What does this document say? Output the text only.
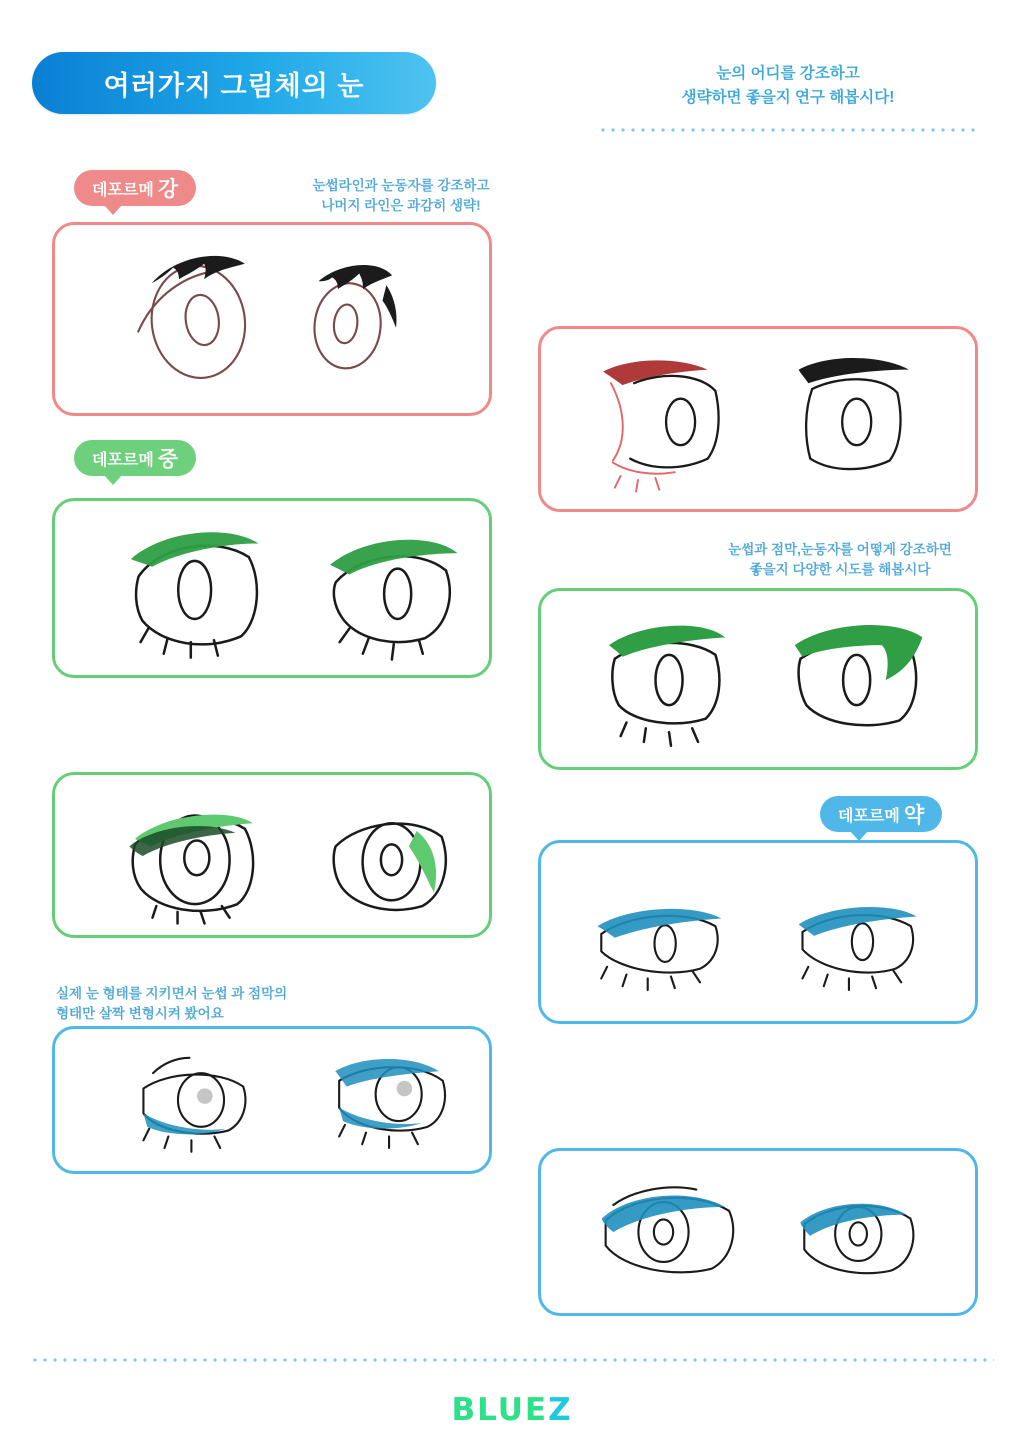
여러가지 그림체의 눈	눈의 어디를 강조하고
생략하면 좋을지 연구 해봅시다!
데포르메 강	눈썹라인과 눈동자를 강조하고
나머지 라인은 과감히 생략!
데포르메 중
눈썹과 점막,눈동자를 어떻게 강조하면
좋을지 다양한 시도를 해봅시다
데포르메 약
실제 눈 형태를 지키면서 눈썹 과 점막의
형태만 살짝 변형시켜 봤어요
BLUEZ
